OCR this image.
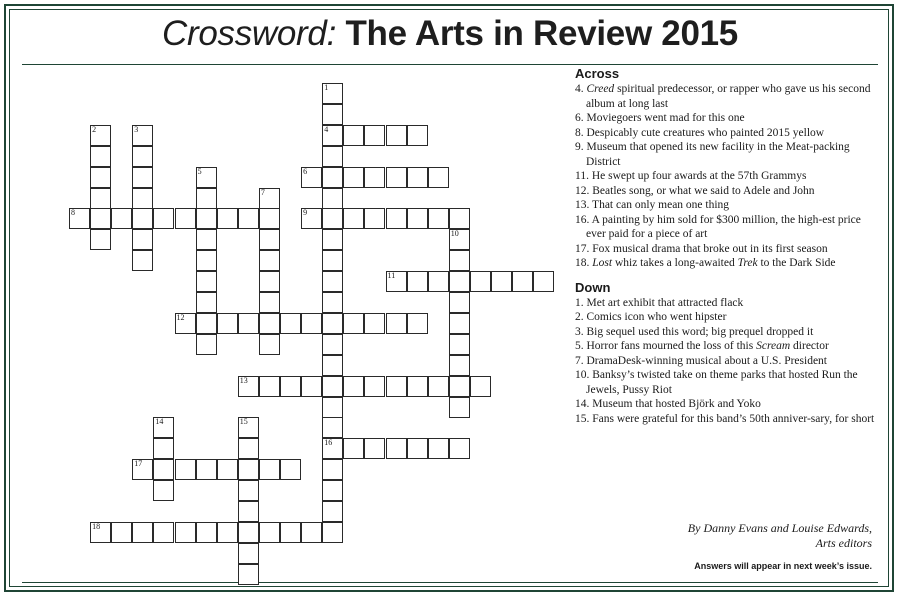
Crossword: The Arts in Review 2015
1
4
16
2	3
5	6
7
8	9
10
11
12
13
14	15
17
18
Across
4. Creed spiritual predecessor, or rapper who gave us his second album at long last
6. Moviegoers went mad for this one
8. Despicably cute creatures who painted 2015 yellow
9. Museum that opened its new facility in the Meat-packing District
11. He swept up four awards at the 57th Grammys
12. Beatles song, or what we said to Adele and John
13. That can only mean one thing
16. A painting by him sold for $300 million, the high-est price ever paid for a piece of art
17. Fox musical drama that broke out in its first season
18. Lost whiz takes a long-awaited Trek to the Dark Side
Down
1. Met art exhibit that attracted flack
2. Comics icon who went hipster
3. Big sequel used this word; big prequel dropped it
5. Horror fans mourned the loss of this Scream director
7. DramaDesk-winning musical about a U.S. President
10. Banksy’s twisted take on theme parks that hosted Run the Jewels, Pussy Riot
14. Museum that hosted Björk and Yoko
15. Fans were grateful for this band’s 50th anniver-sary, for short
By Danny Evans and Louise Edwards,
Arts editors
Answers will appear in next week’s issue.
